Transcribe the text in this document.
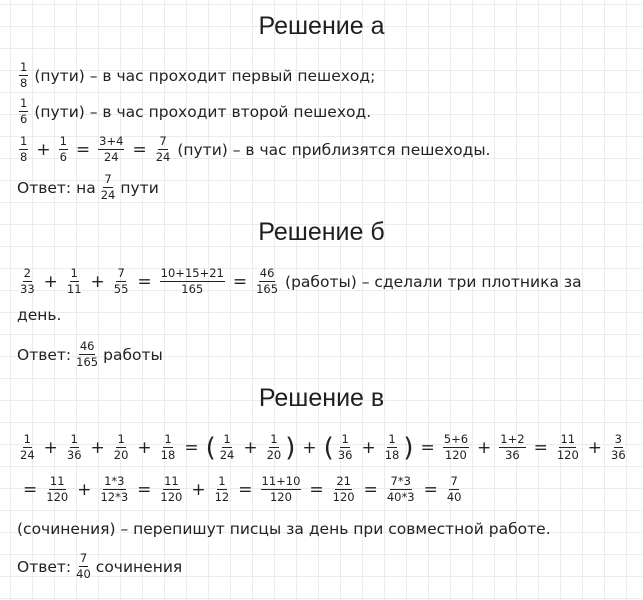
Решение а
Решение б
Решение в
$\frac{1}{8}$ (пути) – в час проходит первый пешеход;
$\frac{1}{6}$ (пути) – в час проходит второй пешеход.
$\frac{1}{8} + \frac{1}{6} = \frac{3+4}{24} = \frac{7}{24}$ (пути) – в час приблизятся пешеходы.
Ответ: на $\frac{7}{24}$ пути
$\frac{2}{33} + \frac{1}{11} + \frac{7}{55} = \frac{10+15+21}{165} = \frac{46}{165}$ (работы) – сделали три плотника за
день.
Ответ: $\frac{46}{165}$ работы
$\frac{1}{24} + \frac{1}{36} + \frac{1}{20} + \frac{1}{18}$ = ( $\frac{1}{24} + \frac{1}{20}$ ) + ( $\frac{1}{36} + \frac{1}{18}$ ) = $\frac{5+6}{120} + \frac{1+2}{36} = \frac{11}{120} + \frac{3}{36}$
= $\frac{11}{120} + \frac{1*3}{12*3} = \frac{11}{120} + \frac{1}{12} = \frac{11+10}{120} = \frac{21}{120} = \frac{7*3}{40*3} = \frac{7}{40}$
(сочинения) – перепишут писцы за день при совместной работе.
Ответ: $\frac{7}{40}$ сочинения
